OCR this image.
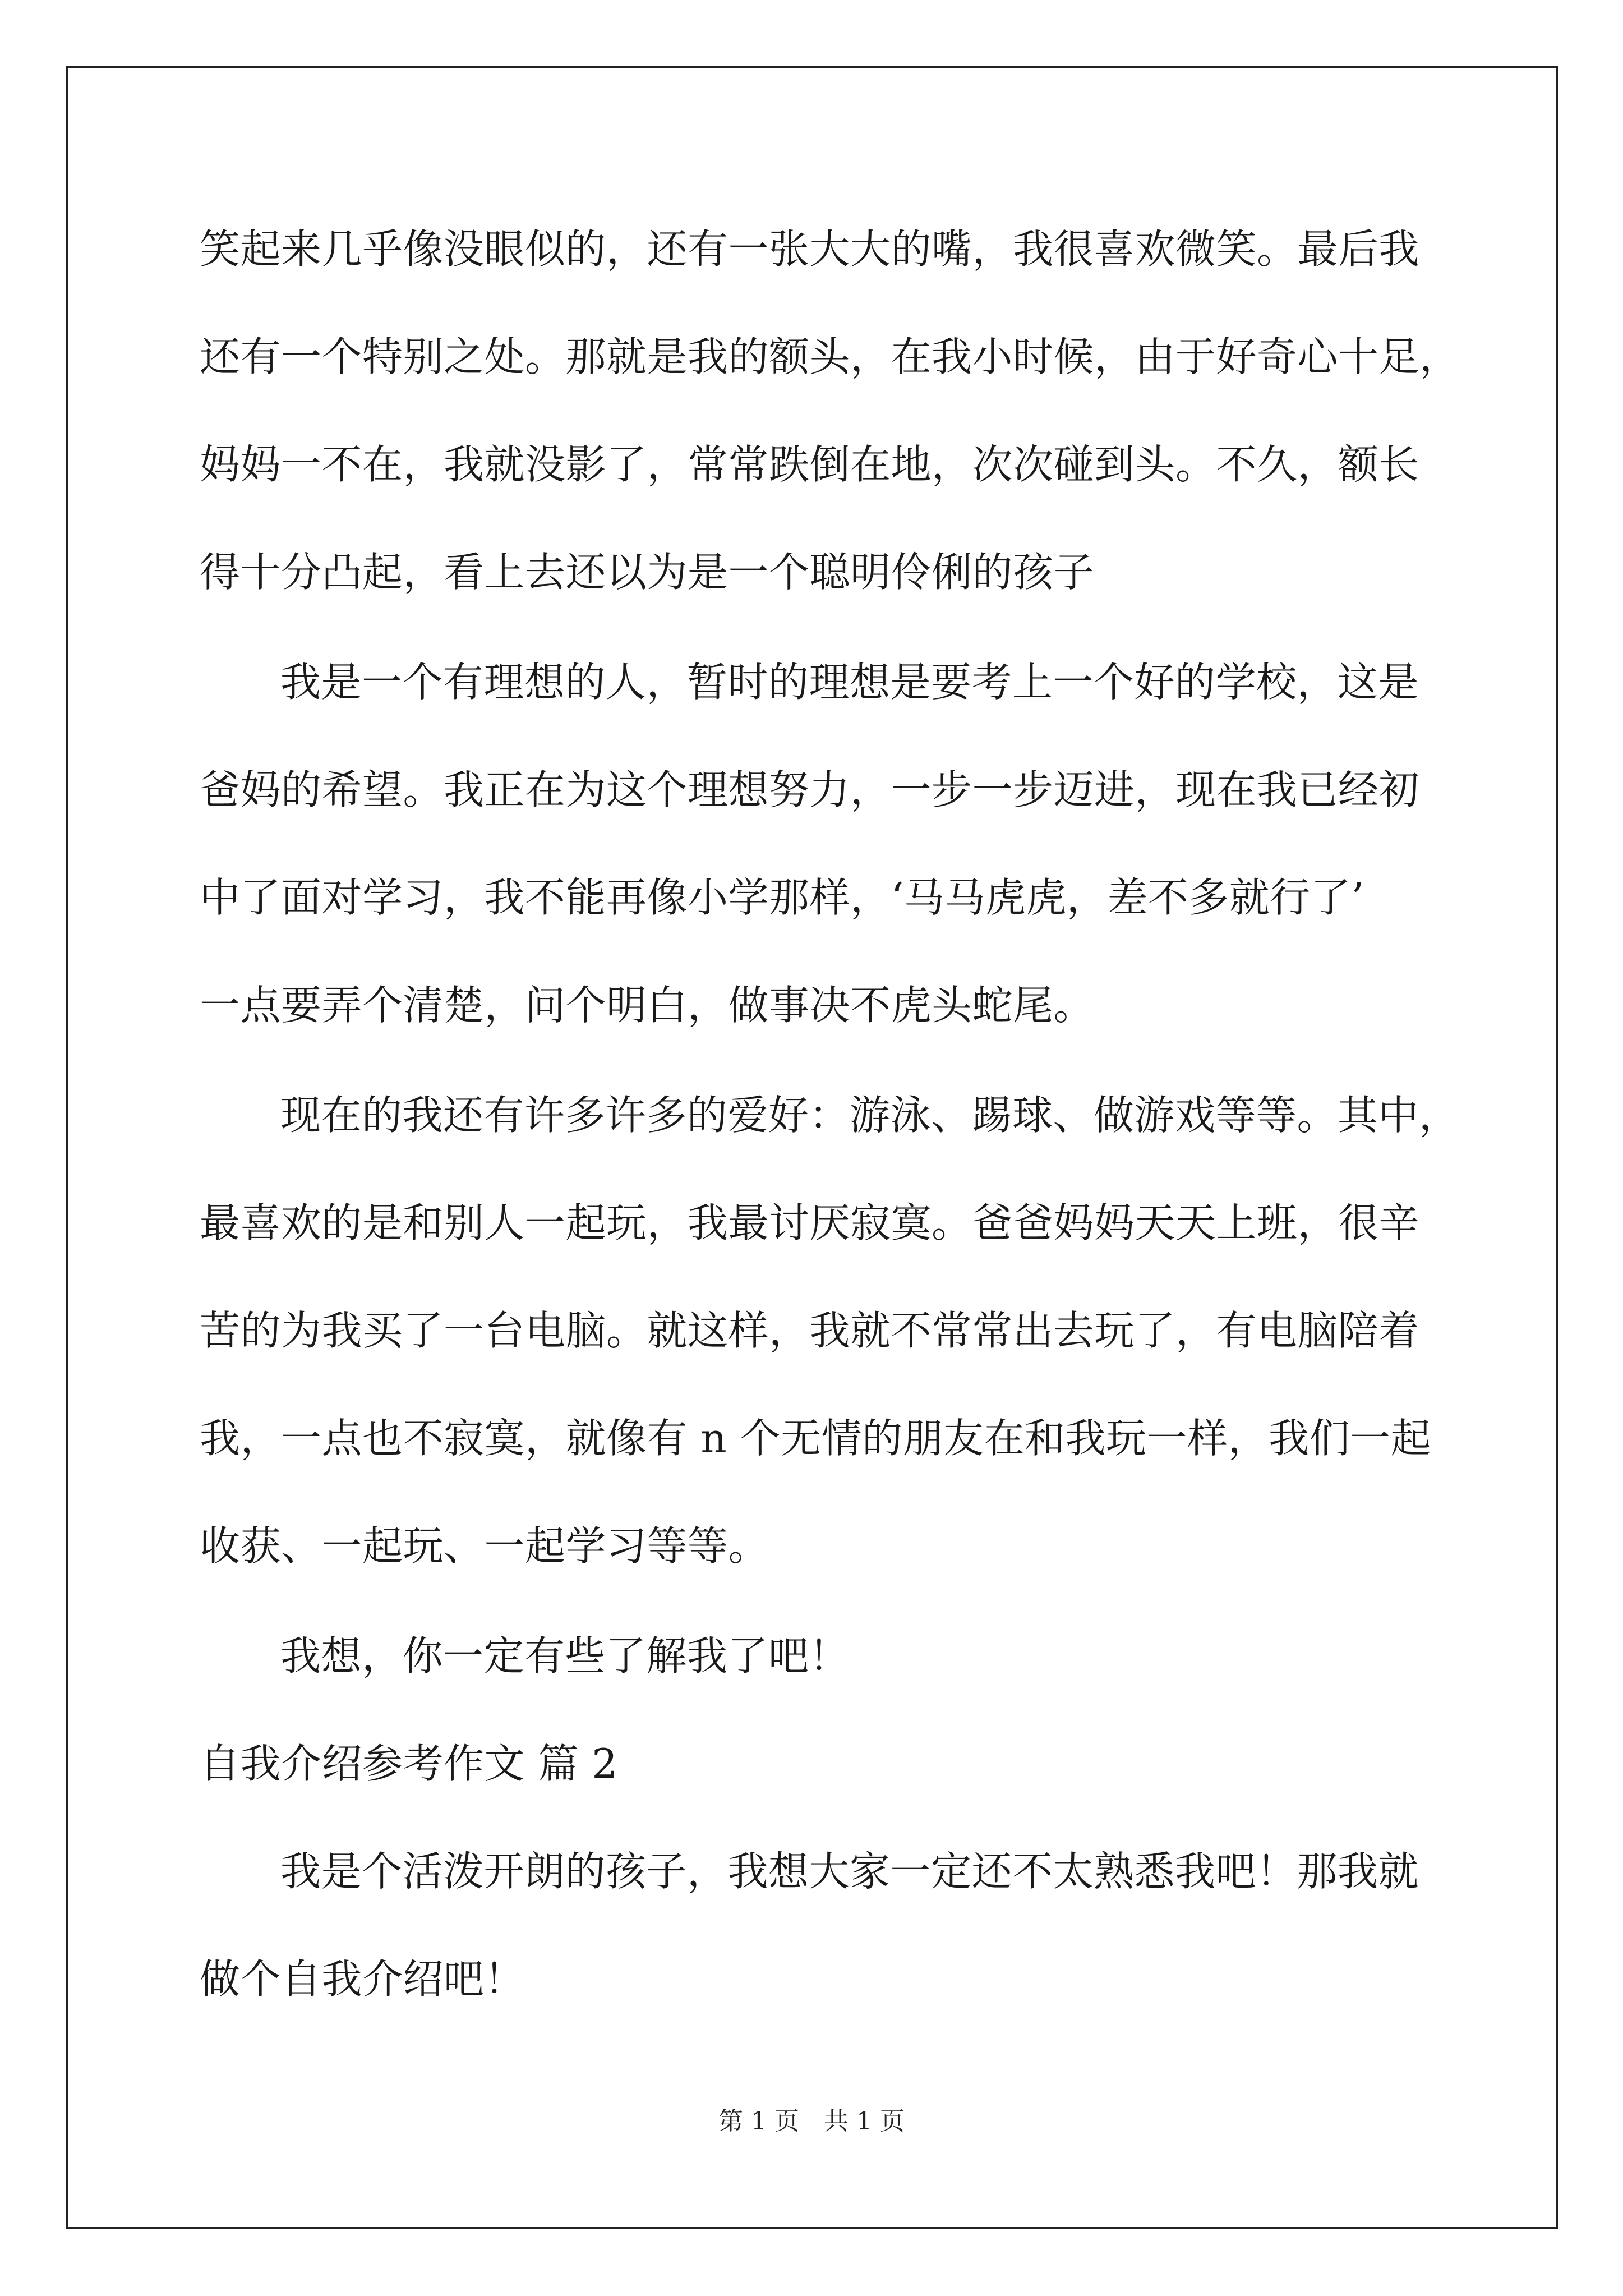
笑起来几乎像没眼似的，还有一张大大的嘴，我很喜欢微笑。最后我
还有一个特别之处。那就是我的额头，在我小时候，由于好奇心十足，
妈妈一不在，我就没影了，常常跌倒在地，次次碰到头。不久，额长
得十分凸起，看上去还以为是一个聪明伶俐的孩子
我是一个有理想的人，暂时的理想是要考上一个好的学校，这是
爸妈的希望。我正在为这个理想努力，一步一步迈进，现在我已经初
中了面对学习，我不能再像小学那样，‘马马虎虎，差不多就行了’
一点要弄个清楚，问个明白，做事决不虎头蛇尾。
现在的我还有许多许多的爱好：游泳、踢球、做游戏等等。其中，
最喜欢的是和别人一起玩，我最讨厌寂寞。爸爸妈妈天天上班，很辛
苦的为我买了一台电脑。就这样，我就不常常出去玩了，有电脑陪着
我，一点也不寂寞，就像有 n 个无情的朋友在和我玩一样，我们一起
收获、一起玩、一起学习等等。
我想，你一定有些了解我了吧！
自我介绍参考作文 篇 2
我是个活泼开朗的孩子，我想大家一定还不太熟悉我吧！那我就
做个自我介绍吧！
第 1 页　共 1 页
